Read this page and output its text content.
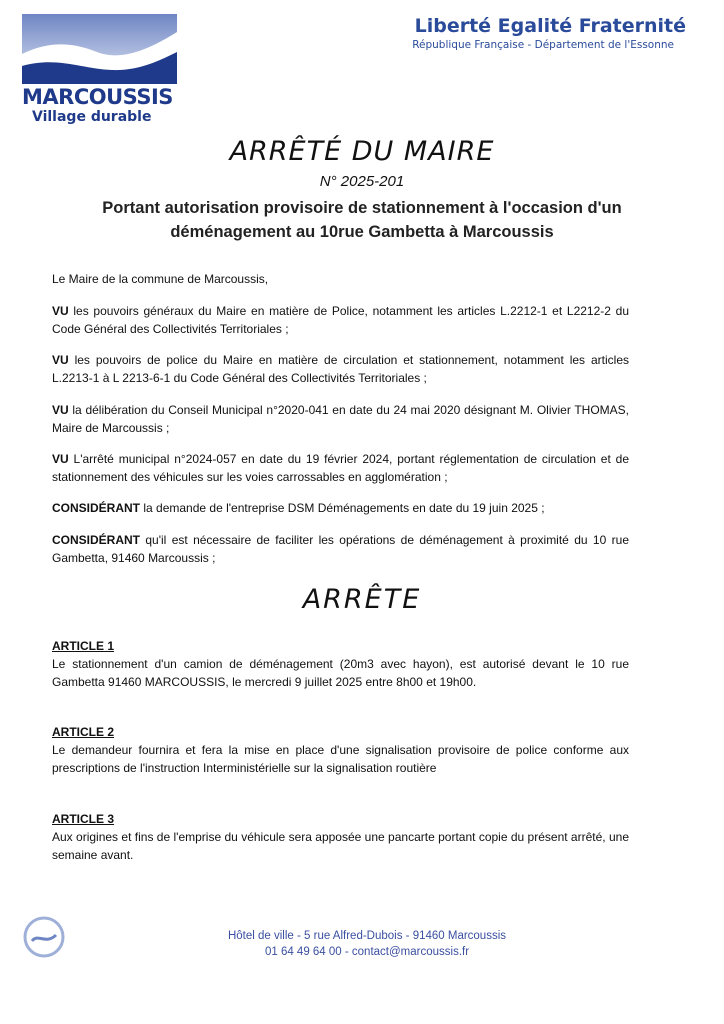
MARCOUSSIS
Village durable
Liberté Egalité Fraternité
République Française - Département de l'Essonne
ARRÊTÉ DU MAIRE
N° 2025-201
Portant autorisation provisoire de stationnement à l'occasion d'un
déménagement au 10rue Gambetta à Marcoussis

Le Maire de la commune de Marcoussis,

VU les pouvoirs généraux du Maire en matière de Police, notamment les articles L.2212-1 et L2212-2 du Code Général des Collectivités Territoriales ;

VU les pouvoirs de police du Maire en matière de circulation et stationnement, notamment les articles L.2213-1 à L 2213-6-1 du Code Général des Collectivités Territoriales ;

VU la délibération du Conseil Municipal n°2020-041 en date du 24 mai 2020 désignant M. Olivier THOMAS, Maire de Marcoussis ;

VU L'arrêté municipal n°2024-057 en date du 19 février 2024, portant réglementation de circulation et de stationnement des véhicules sur les voies carrossables en agglomération ;

CONSIDÉRANT la demande de l'entreprise DSM Déménagements en date du 19 juin 2025 ;

CONSIDÉRANT qu'il est nécessaire de faciliter les opérations de déménagement à proximité du 10 rue Gambetta, 91460 Marcoussis ;

ARTICLE 1

Le stationnement d'un camion de déménagement (20m3 avec hayon), est autorisé devant le 10 rue Gambetta 91460 MARCOUSSIS, le mercredi 9 juillet 2025 entre 8h00 et 19h00.

ARTICLE 2

Le demandeur fournira et fera la mise en place d'une signalisation provisoire de police conforme aux prescriptions de l'instruction Interministérielle sur la signalisation routière

ARTICLE 3

Aux origines et fins de l'emprise du véhicule sera apposée une pancarte portant copie du présent arrêté, une semaine avant.

ARRÊTE
Hôtel de ville - 5 rue Alfred-Dubois - 91460 Marcoussis
01 64 49 64 00 - contact@marcoussis.fr
